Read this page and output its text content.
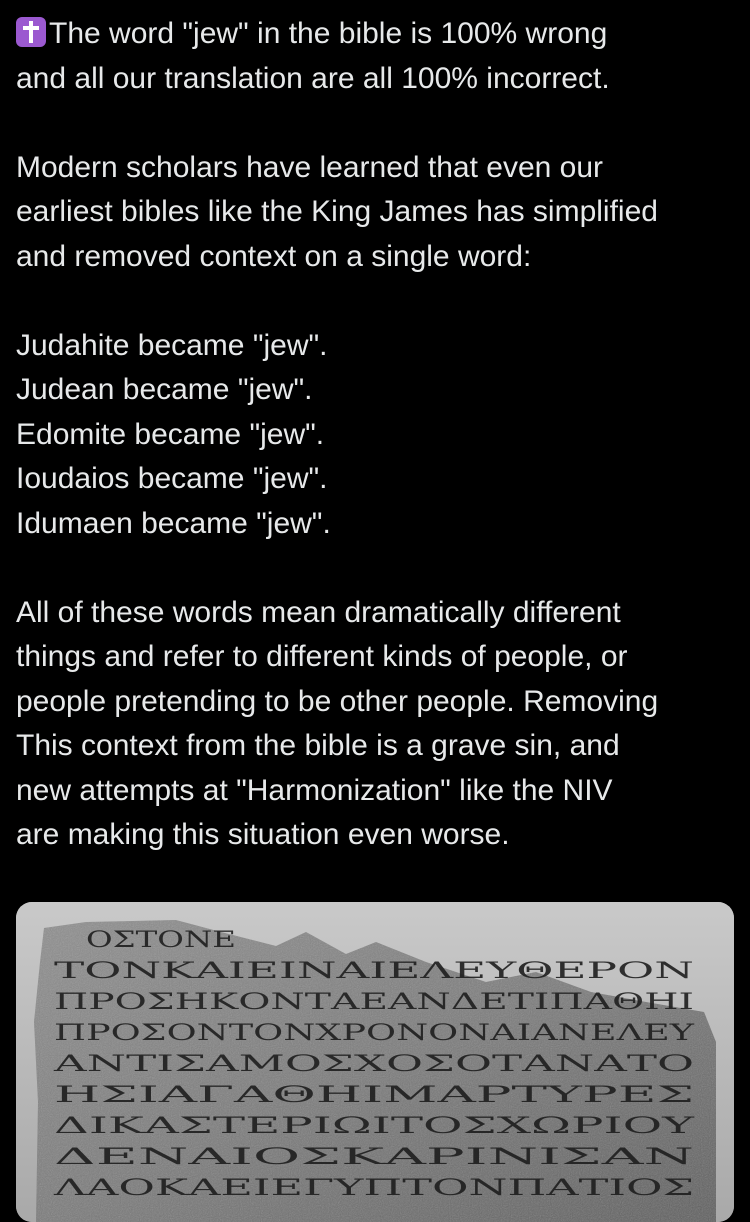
The word "jew" in the bible is 100% wrong
and all our translation are all 100% incorrect.

Modern scholars have learned that even our
earliest bibles like the King James has simplified
and removed context on a single word:

Judahite became "jew".
Judean became "jew".
Edomite became "jew".
Ioudaios became "jew".
Idumaen became "jew".

All of these words mean dramatically different
things and refer to different kinds of people, or
people pretending to be other people. Removing
This context from the bible is a grave sin, and
new attempts at "Harmonization" like the NIV
are making this situation even worse.

ΟΣΤΟΝΕ
ΤΟΝΚΑΙΕΙΝΑΙΕΛΕΥΘΕΡΟΝ
ΠΡΟΣΗΚΟΝΤΑΕΑΝΔΕΤΙΠΑΘΗΙ
ΠΡΟΣΟΝΤΟΝΧΡΟΝΟΝΑΙΑΝΕΛΕΥ
ΑΝΤΙΣΑΜΟΣΧΟΣΟΤΑΝΑΤΟ
ΗΣΙΑΓΑΘΗΙΜΑΡΤΥΡΕΣ
ΔΙΚΑΣΤΕΡΙΩΙΤΟΣΧΩΡΙΟΥ
ΔΕΝΑΙΟΣΚΑΡΙΝΙΣΑΝ
ΛΑΟΚΑΕΙΕΓΥΠΤΟΝΠΑΤΙΟΣ
